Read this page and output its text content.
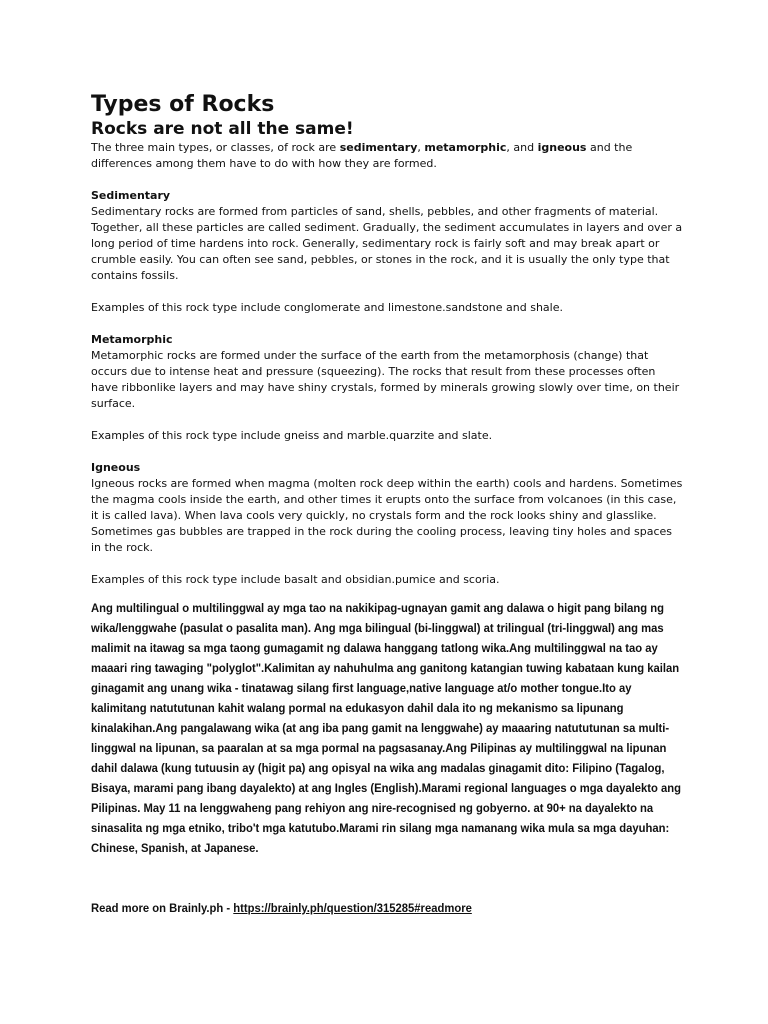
Types of Rocks
Rocks are not all the same!

The three main types, or classes, of rock are sedimentary, metamorphic, and igneous and the differences among them have to do with how they are formed.

Sedimentary

Sedimentary rocks are formed from particles of sand, shells, pebbles, and other fragments of material. Together, all these particles are called sediment. Gradually, the sediment accumulates in layers and over a long period of time hardens into rock. Generally, sedimentary rock is fairly soft and may break apart or crumble easily. You can often see sand, pebbles, or stones in the rock, and it is usually the only type that contains fossils.

Examples of this rock type include conglomerate and limestone.sandstone and shale.

Metamorphic

Metamorphic rocks are formed under the surface of the earth from the metamorphosis (change) that occurs due to intense heat and pressure (squeezing). The rocks that result from these processes often have ribbonlike layers and may have shiny crystals, formed by minerals growing slowly over time, on their surface.

Examples of this rock type include gneiss and marble.quarzite and slate.

Igneous

Igneous rocks are formed when magma (molten rock deep within the earth) cools and hardens. Sometimes the magma cools inside the earth, and other times it erupts onto the surface from volcanoes (in this case, it is called lava). When lava cools very quickly, no crystals form and the rock looks shiny and glasslike. Sometimes gas bubbles are trapped in the rock during the cooling process, leaving tiny holes and spaces in the rock.

Examples of this rock type include basalt and obsidian.pumice and scoria.

Ang multilingual o multilinggwal ay mga tao na nakikipag-ugnayan gamit ang dalawa o higit pang bilang ng wika/lenggwahe (pasulat o pasalita man). Ang mga bilingual (bi-linggwal) at trilingual (tri-linggwal) ang mas malimit na itawag sa mga taong gumagamit ng dalawa hanggang tatlong wika.Ang multilinggwal na tao ay maaari ring tawaging "polyglot".Kalimitan ay nahuhulma ang ganitong katangian tuwing kabataan kung kailan ginagamit ang unang wika - tinatawag silang first language,native language at/o mother tongue.Ito ay kalimitang natututunan kahit walang pormal na edukasyon dahil dala ito ng mekanismo sa lipunang kinalakihan.Ang pangalawang wika (at ang iba pang gamit na lenggwahe) ay maaaring natututunan sa multi-linggwal na lipunan, sa paaralan at sa mga pormal na pagsasanay.Ang Pilipinas ay multilinggwal na lipunan dahil dalawa (kung tutuusin ay (higit pa) ang opisyal na wika ang madalas ginagamit dito: Filipino (Tagalog, Bisaya, marami pang ibang dayalekto) at ang Ingles (English).Marami regional languages o mga dayalekto ang Pilipinas. May 11 na lenggwaheng pang rehiyon ang nire-recognised ng gobyerno. at 90+ na dayalekto na sinasalita ng mga etniko, tribo't mga katutubo.Marami rin silang mga namanang wika mula sa mga dayuhan: Chinese, Spanish, at Japanese.

Read more on Brainly.ph - https://brainly.ph/question/315285#readmore
